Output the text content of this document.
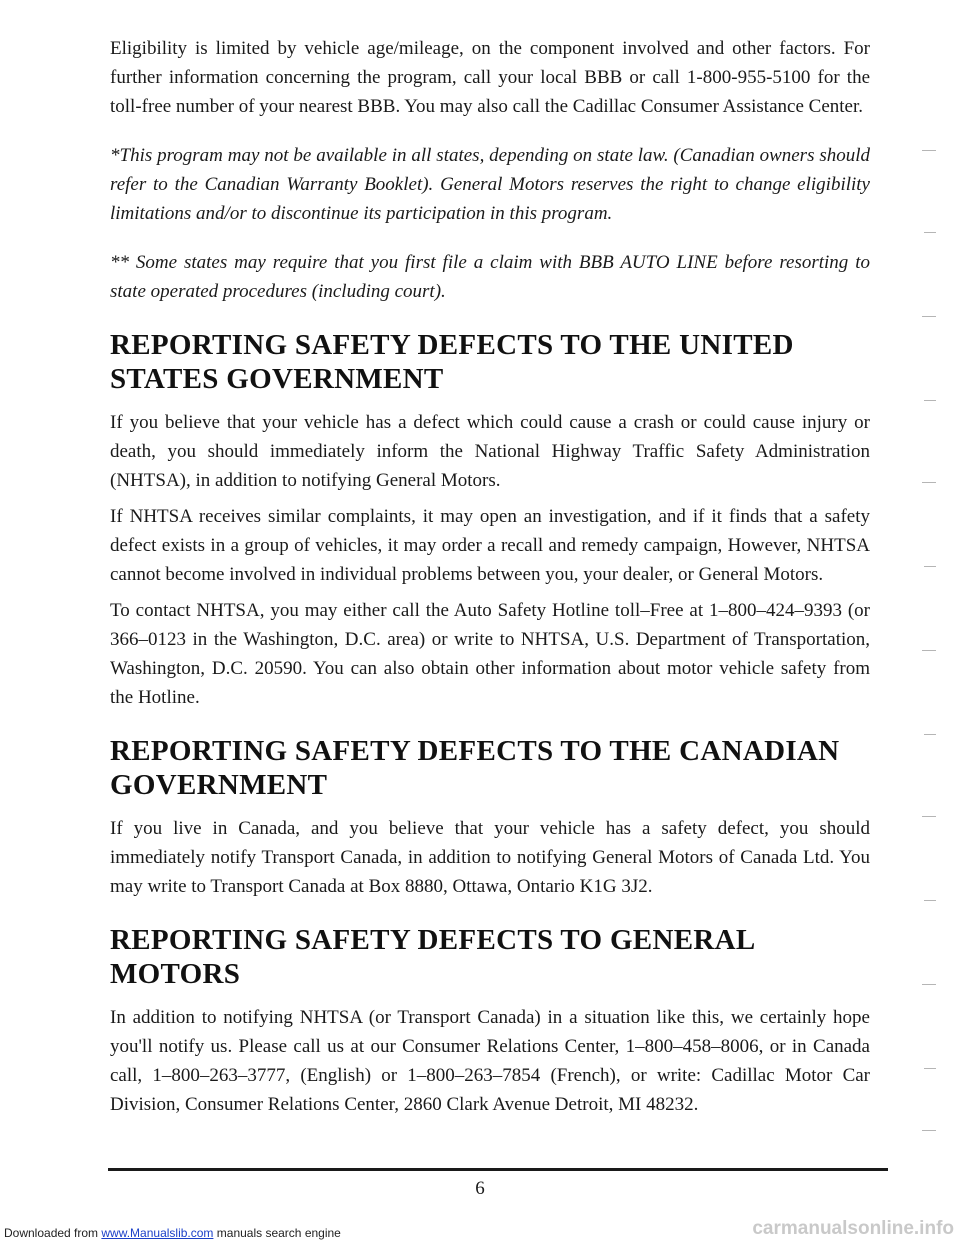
Eligibility is limited by vehicle age/mileage, on the component involved and other factors. For further information concerning the program, call your local BBB or call 1-800-955-5100 for the toll-free number of your nearest BBB. You may also call the Cadillac Consumer Assistance Center.

*This program may not be available in all states, depending on state law. (Canadian owners should refer to the Canadian Warranty Booklet). General Motors reserves the right to change eligibility limitations and/or to discontinue its participation in this program.

** Some states may require that you first file a claim with BBB AUTO LINE before resorting to state operated procedures (including court).

REPORTING SAFETY DEFECTS TO THE UNITED STATES GOVERNMENT

If you believe that your vehicle has a defect which could cause a crash or could cause injury or death, you should immediately inform the National Highway Traffic Safety Administration (NHTSA), in addition to notifying General Motors.

If NHTSA receives similar complaints, it may open an investigation, and if it finds that a safety defect exists in a group of vehicles, it may order a recall and remedy campaign, However, NHTSA cannot become involved in individual problems between you, your dealer, or General Motors.

To contact NHTSA, you may either call the Auto Safety Hotline toll–Free at 1–800–424–9393 (or 366–0123 in the Washington, D.C. area) or write to NHTSA, U.S. Department of Transportation, Washington, D.C. 20590. You can also obtain other information about motor vehicle safety from the Hotline.

REPORTING SAFETY DEFECTS TO THE CANADIAN GOVERNMENT

If you live in Canada, and you believe that your vehicle has a safety defect, you should immediately notify Transport Canada, in addition to notifying General Motors of Canada Ltd. You may write to Transport Canada at Box 8880, Ottawa, Ontario K1G 3J2.

REPORTING SAFETY DEFECTS TO GENERAL MOTORS

In addition to notifying NHTSA (or Transport Canada) in a situation like this, we certainly hope you'll notify us. Please call us at our Consumer Relations Center, 1–800–458–8006, or in Canada call, 1–800–263–3777, (English) or 1–800–263–7854 (French), or write: Cadillac Motor Car Division, Consumer Relations Center, 2860 Clark Avenue Detroit, MI 48232.

6
Downloaded from www.Manualslib.com manuals search engine	carmanualsonline.info
